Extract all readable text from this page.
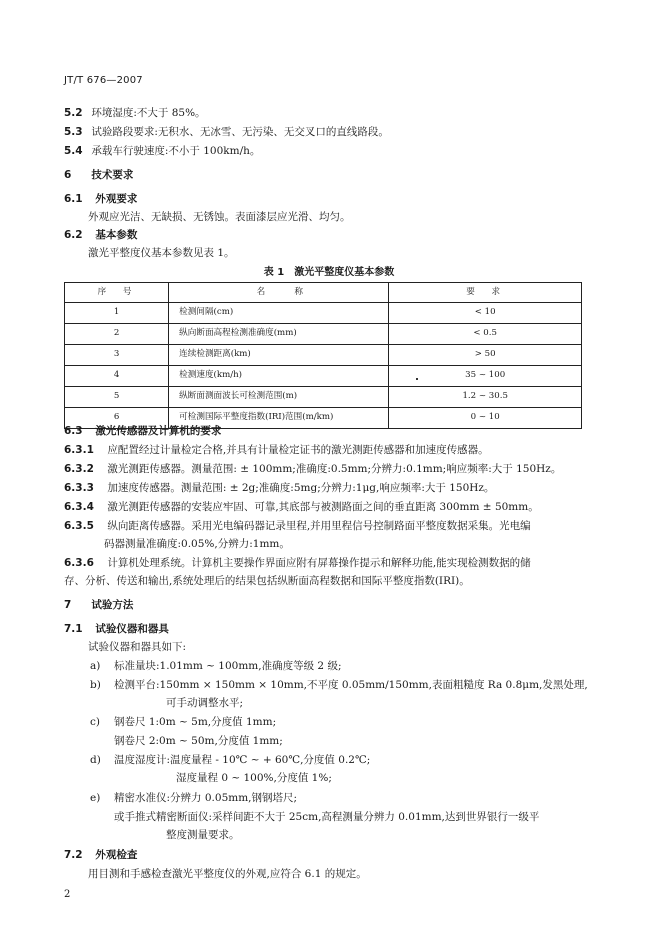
JT/T 676—2007
5.2 环境湿度:不大于 85%。
5.3 试验路段要求:无积水、无冰雪、无污染、无交叉口的直线路段。
5.4 承载车行驶速度:不小于 100km/h。
6 技术要求
6.1 外观要求
外观应光洁、无缺损、无锈蚀。表面漆层应光滑、均匀。
6.2 基本参数
激光平整度仪基本参数见表 1。
表 1　激光平整度仪基本参数
序　号	名　　称	要　求
1	检测间隔(cm)	< 10
2	纵向断面高程检测准确度(mm)	< 0.5
3	连续检测距离(km)	> 50
4	检测速度(km/h)	35 ~ 100
5	纵断面测面波长可检测范围(m)	1.2 ~ 30.5
6	可检测国际平整度指数(IRI)范围(m/km)	0 ~ 10
6.3 激光传感器及计算机的要求
6.3.1 应配置经过计量检定合格,并具有计量检定证书的激光测距传感器和加速度传感器。
6.3.2 激光测距传感器。测量范围: ± 100mm;准确度:0.5mm;分辨力:0.1mm;响应频率:大于 150Hz。
6.3.3 加速度传感器。测量范围: ± 2g;准确度:5mg;分辨力:1μg,响应频率:大于 150Hz。
6.3.4 激光测距传感器的安装应牢固、可靠,其底部与被测路面之间的垂直距离 300mm ± 50mm。
6.3.5 纵向距离传感器。采用光电编码器记录里程,并用里程信号控制路面平整度数据采集。光电编
码器测量准确度:0.05%,分辨力:1mm。
6.3.6 计算机处理系统。计算机主要操作界面应附有屏幕操作提示和解释功能,能实现检测数据的储
存、分析、传送和输出,系统处理后的结果包括纵断面高程数据和国际平整度指数(IRI)。
7 试验方法
7.1 试验仪器和器具
试验仪器和器具如下:
a) 标准量块:1.01mm ~ 100mm,准确度等级 2 级;
b) 检测平台:150mm × 150mm × 10mm,不平度 0.05mm/150mm,表面粗糙度 Ra 0.8μm,发黑处理,
可手动调整水平;
c) 钢卷尺 1:0m ~ 5m,分度值 1mm;
钢卷尺 2:0m ~ 50m,分度值 1mm;
d) 温度湿度计:温度量程 - 10℃ ~ + 60℃,分度值 0.2℃;
湿度量程 0 ~ 100%,分度值 1%;
e) 精密水准仪:分辨力 0.05mm,钢钢塔尺;
或手推式精密断面仪:采样间距不大于 25cm,高程测量分辨力 0.01mm,达到世界银行一级平
整度测量要求。
7.2 外观检查
2
用目测和手感检查激光平整度仪的外观,应符合 6.1 的规定。
